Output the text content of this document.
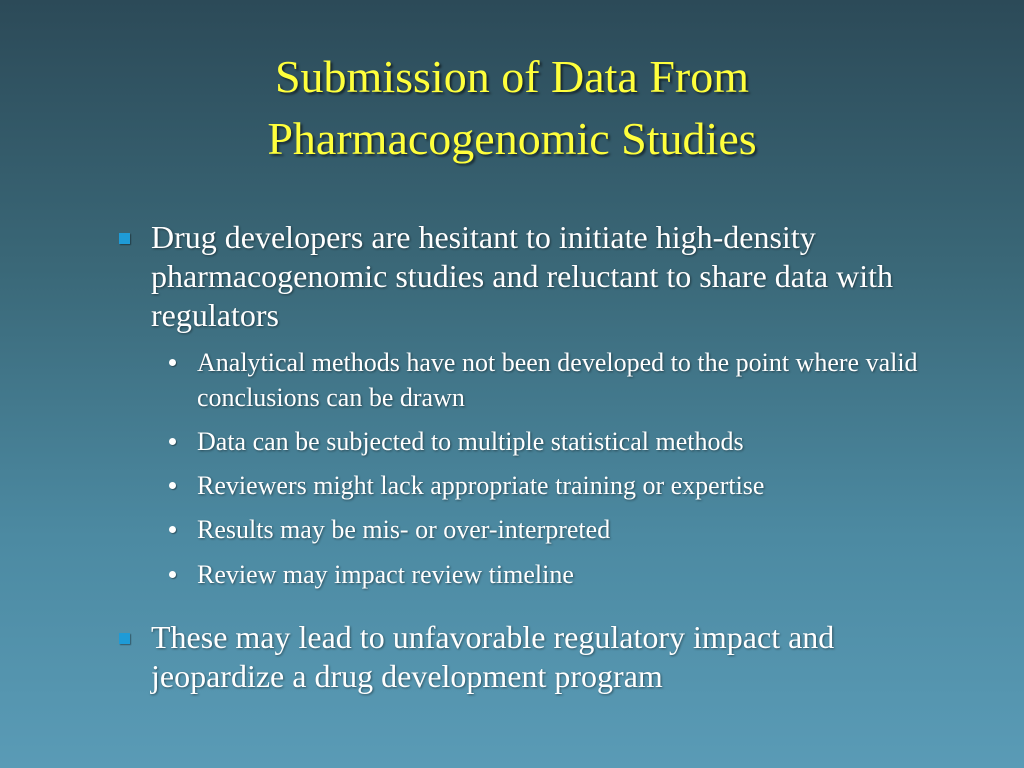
Submission of Data From
Pharmacogenomic Studies
Drug developers are hesitant to initiate high-density pharmacogenomic studies and reluctant to share data with regulators
Analytical methods have not been developed to the point where valid conclusions can be drawn
Data can be subjected to multiple statistical methods
Reviewers might lack appropriate training or expertise
Results may be mis- or over-interpreted
Review may impact review timeline
These may lead to unfavorable regulatory impact and jeopardize a drug development program
